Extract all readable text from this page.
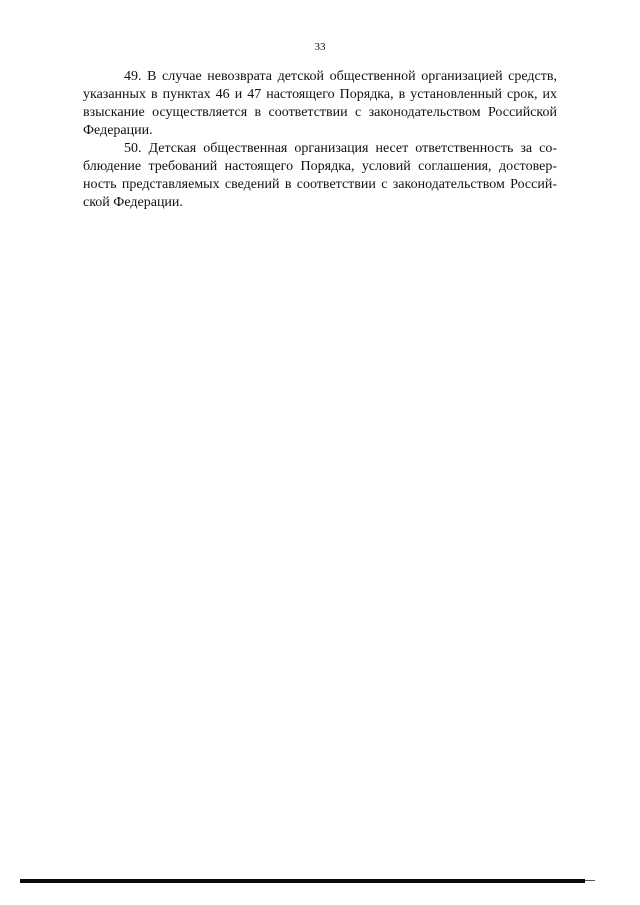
33
49. В случае невозврата детской общественной организацией средств,
указанных в пунктах 46 и 47 настоящего Порядка, в установленный срок, их
взыскание осуществляется в соответствии с законодательством Российской
Федерации.
50. Детская общественная организация несет ответственность за со-
блюдение требований настоящего Порядка, условий соглашения, достовер-
ность представляемых сведений в соответствии с законодательством Россий-
ской Федерации.
